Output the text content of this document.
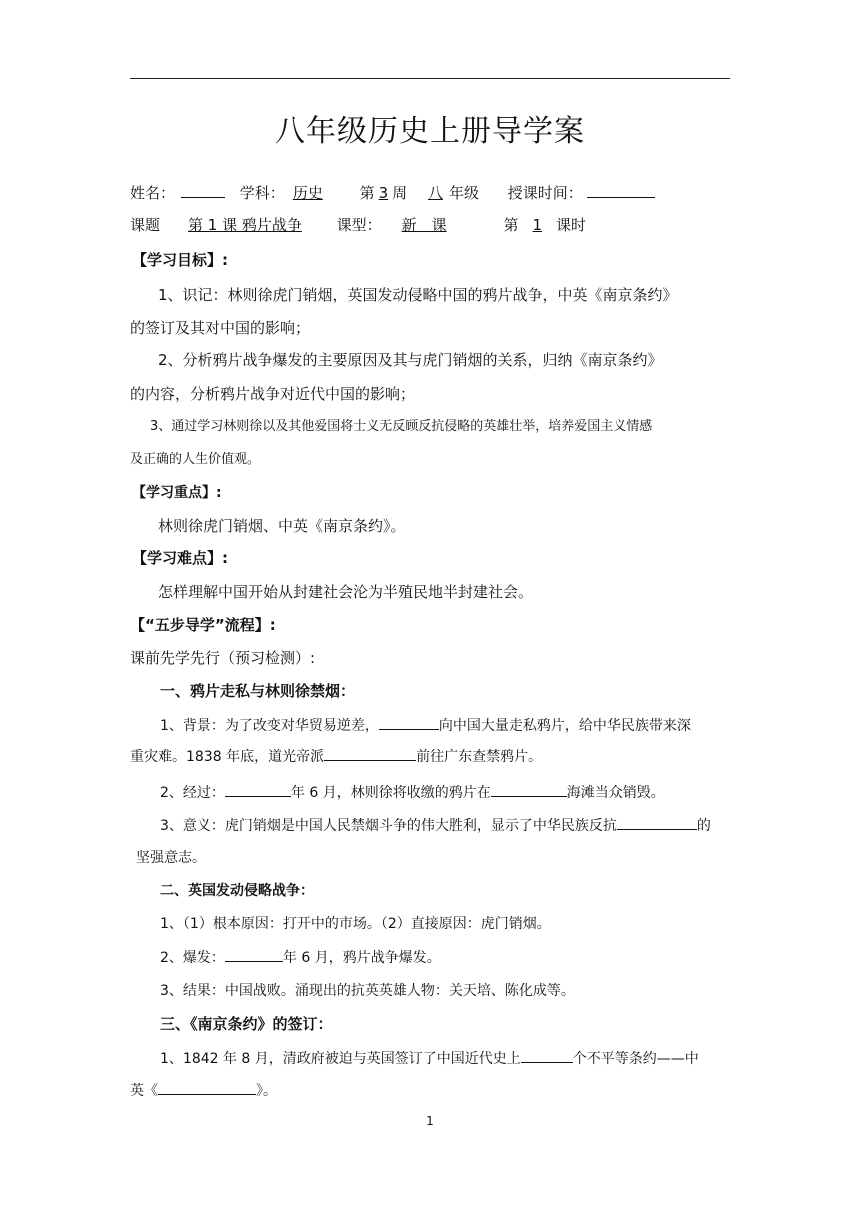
八年级历史上册导学案
姓名：	学科： 历史 第 3 周 八 年级 授课时间：
课题 第 1 课 鸦片战争 课型： 新　课	第 1 课时
【学习目标】:
1、识记：林则徐虎门销烟，英国发动侵略中国的鸦片战争，中英《南京条约》
的签订及其对中国的影响；
2、分析鸦片战争爆发的主要原因及其与虎门销烟的关系，归纳《南京条约》
的内容，分析鸦片战争对近代中国的影响；
3、通过学习林则徐以及其他爱国将士义无反顾反抗侵略的英雄壮举，培养爱国主义情感
及正确的人生价值观。
【学习重点】:
林则徐虎门销烟、中英《南京条约》。
【学习难点】:
怎样理解中国开始从封建社会沦为半殖民地半封建社会。
【“五步导学”流程】:
课前先学先行（预习检测）:
一、鸦片走私与林则徐禁烟：
1、背景：为了改变对华贸易逆差，	向中国大量走私鸦片，给中华民族带来深
重灾难。1838 年底，道光帝派	前往广东查禁鸦片。
2、经过：	年 6 月，林则徐将收缴的鸦片在	海滩当众销毁。
3、意义：虎门销烟是中国人民禁烟斗争的伟大胜利，显示了中华民族反抗	的
坚强意志。
二、英国发动侵略战争：
1、（1）根本原因：打开中的市场。（2）直接原因：虎门销烟。
2、爆发：	年 6 月，鸦片战争爆发。
3、结果：中国战败。涌现出的抗英英雄人物：关天培、陈化成等。
三、《南京条约》的签订：
1、1842 年 8 月，清政府被迫与英国签订了中国近代史上	个不平等条约——中
英《	》。
1
